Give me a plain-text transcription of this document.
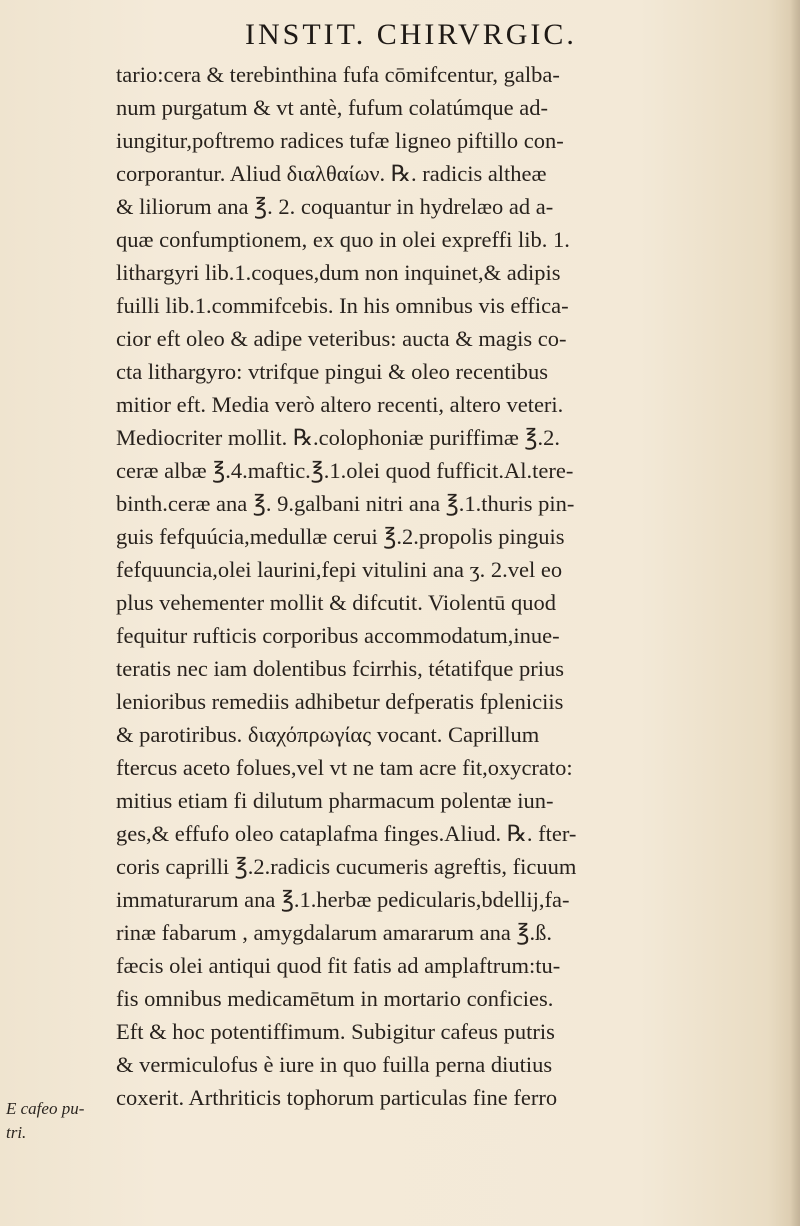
INSTIT. CHIRVRGIC.
tario:cera & terebinthina fufa cōmifcentur, galba-
num purgatum & vt antè, fufum colatúmque ad-
iungitur,poftremo radices tufæ ligneo piftillo con-
corporantur. Aliud διαλθαίων. ℞. radicis altheæ
& liliorum ana ℥. 2. coquantur in hydrelæo ad a-
quæ confumptionem, ex quo in olei expreffi lib. 1.
lithargyri lib.1.coques,dum non inquinet,& adipis
fuilli lib.1.commifcebis. In his omnibus vis effica-
cior eft oleo & adipe veteribus: aucta & magis co-
cta lithargyro: vtrifque pingui & oleo recentibus
mitior eft. Media verò altero recenti, altero veteri.
Mediocriter mollit. ℞.colophoniæ puriffimæ ℥.2.
ceræ albæ ℥.4.maftic.℥.1.olei quod fufficit.Al.tere-
binth.ceræ ana ℥. 9.galbani nitri ana ℥.1.thuris pin-
guis fefquúcia,medullæ cerui ℥.2.propolis pinguis
fefquuncia,olei laurini,fepi vitulini ana ʒ. 2.vel eo
plus vehementer mollit & difcutit. Violentū quod
fequitur rufticis corporibus accommodatum,inue-
teratis nec iam dolentibus fcirrhis, tétatifque prius
lenioribus remediis adhibetur defperatis fpleniciis
& parotiribus. διαχόπρωγίας vocant. Caprillum
ftercus aceto folues,vel vt ne tam acre fit,oxycrato:
mitius etiam fi dilutum pharmacum polentæ iun-
ges,& effufo oleo cataplafma finges.Aliud. ℞. fter-
coris caprilli ℥.2.radicis cucumeris agreftis, ficuum
immaturarum ana ℥.1.herbæ pedicularis,bdellij,fa-
rinæ fabarum , amygdalarum amararum ana ℥.ß.
fæcis olei antiqui quod fit fatis ad amplaftrum:tu-
fis omnibus medicamētum in mortario conficies.
Eft & hoc potentiffimum. Subigitur cafeus putris
& vermiculofus è iure in quo fuilla perna diutius
coxerit. Arthriticis tophorum particulas fine ferro
E cafeo pu-
tri.
